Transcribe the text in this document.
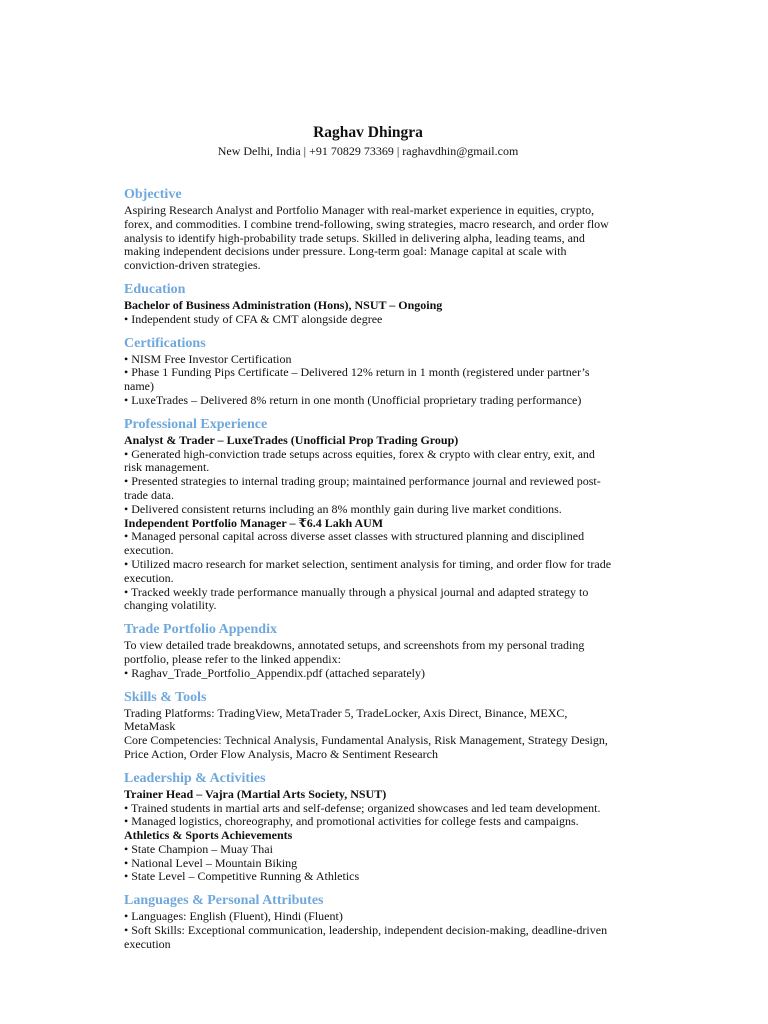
Raghav Dhingra
New Delhi, India | +91 70829 73369 | raghavdhin@gmail.com
Objective
Aspiring Research Analyst and Portfolio Manager with real-market experience in equities, crypto, forex, and commodities. I combine trend-following, swing strategies, macro research, and order flow analysis to identify high-probability trade setups. Skilled in delivering alpha, leading teams, and making independent decisions under pressure. Long-term goal: Manage capital at scale with conviction-driven strategies.
Education
Bachelor of Business Administration (Hons), NSUT – Ongoing
• Independent study of CFA & CMT alongside degree
Certifications
• NISM Free Investor Certification
• Phase 1 Funding Pips Certificate – Delivered 12% return in 1 month (registered under partner’s name)
• LuxeTrades – Delivered 8% return in one month (Unofficial proprietary trading performance)
Professional Experience
Analyst & Trader – LuxeTrades (Unofficial Prop Trading Group)
• Generated high-conviction trade setups across equities, forex & crypto with clear entry, exit, and risk management.
• Presented strategies to internal trading group; maintained performance journal and reviewed post-trade data.
• Delivered consistent returns including an 8% monthly gain during live market conditions.
Independent Portfolio Manager – ₹6.4 Lakh AUM
• Managed personal capital across diverse asset classes with structured planning and disciplined execution.
• Utilized macro research for market selection, sentiment analysis for timing, and order flow for trade execution.
• Tracked weekly trade performance manually through a physical journal and adapted strategy to changing volatility.
Trade Portfolio Appendix
To view detailed trade breakdowns, annotated setups, and screenshots from my personal trading portfolio, please refer to the linked appendix:
• Raghav_Trade_Portfolio_Appendix.pdf (attached separately)
Skills & Tools
Trading Platforms: TradingView, MetaTrader 5, TradeLocker, Axis Direct, Binance, MEXC, MetaMask
Core Competencies: Technical Analysis, Fundamental Analysis, Risk Management, Strategy Design, Price Action, Order Flow Analysis, Macro & Sentiment Research
Leadership & Activities
Trainer Head – Vajra (Martial Arts Society, NSUT)
• Trained students in martial arts and self-defense; organized showcases and led team development.
• Managed logistics, choreography, and promotional activities for college fests and campaigns.
Athletics & Sports Achievements
• State Champion – Muay Thai
• National Level – Mountain Biking
• State Level – Competitive Running & Athletics
Languages & Personal Attributes
• Languages: English (Fluent), Hindi (Fluent)
• Soft Skills: Exceptional communication, leadership, independent decision-making, deadline-driven execution
